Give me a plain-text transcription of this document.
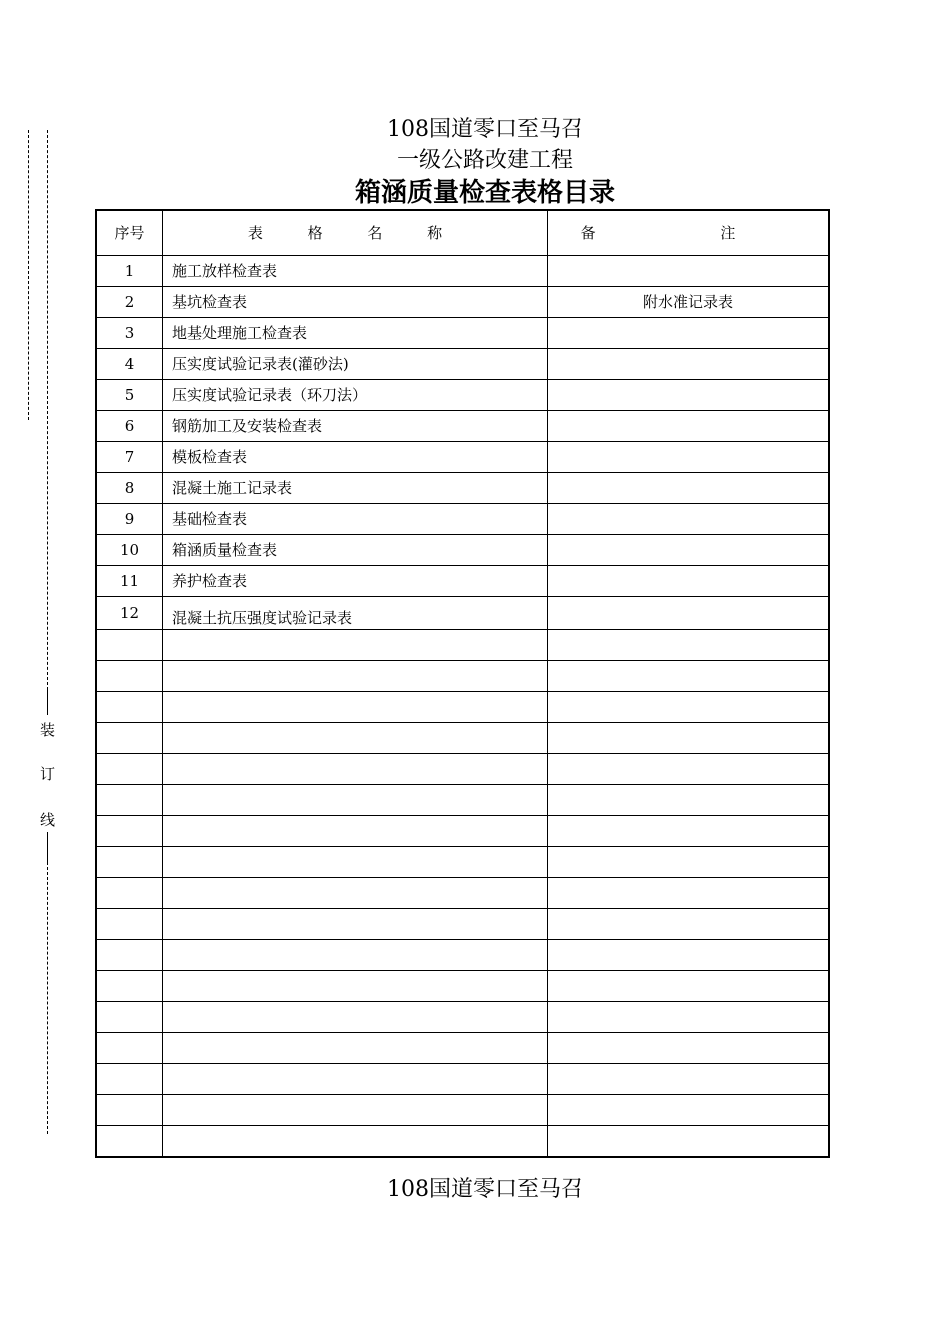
装
订
线
108国道零口至马召
一级公路改建工程
箱涵质量检查表格目录
序号	表 格 名 称	备 注
1	施工放样检查表	
2	基坑检查表	附水准记录表
3	地基处理施工检查表	
4	压实度试验记录表(灌砂法)	
5	压实度试验记录表（环刀法）	
6	钢筋加工及安装检查表	
7	模板检查表	
8	混凝土施工记录表	
9	基础检查表	
10	箱涵质量检查表	
11	养护检查表	
12	混凝土抗压强度试验记录表	

108国道零口至马召
